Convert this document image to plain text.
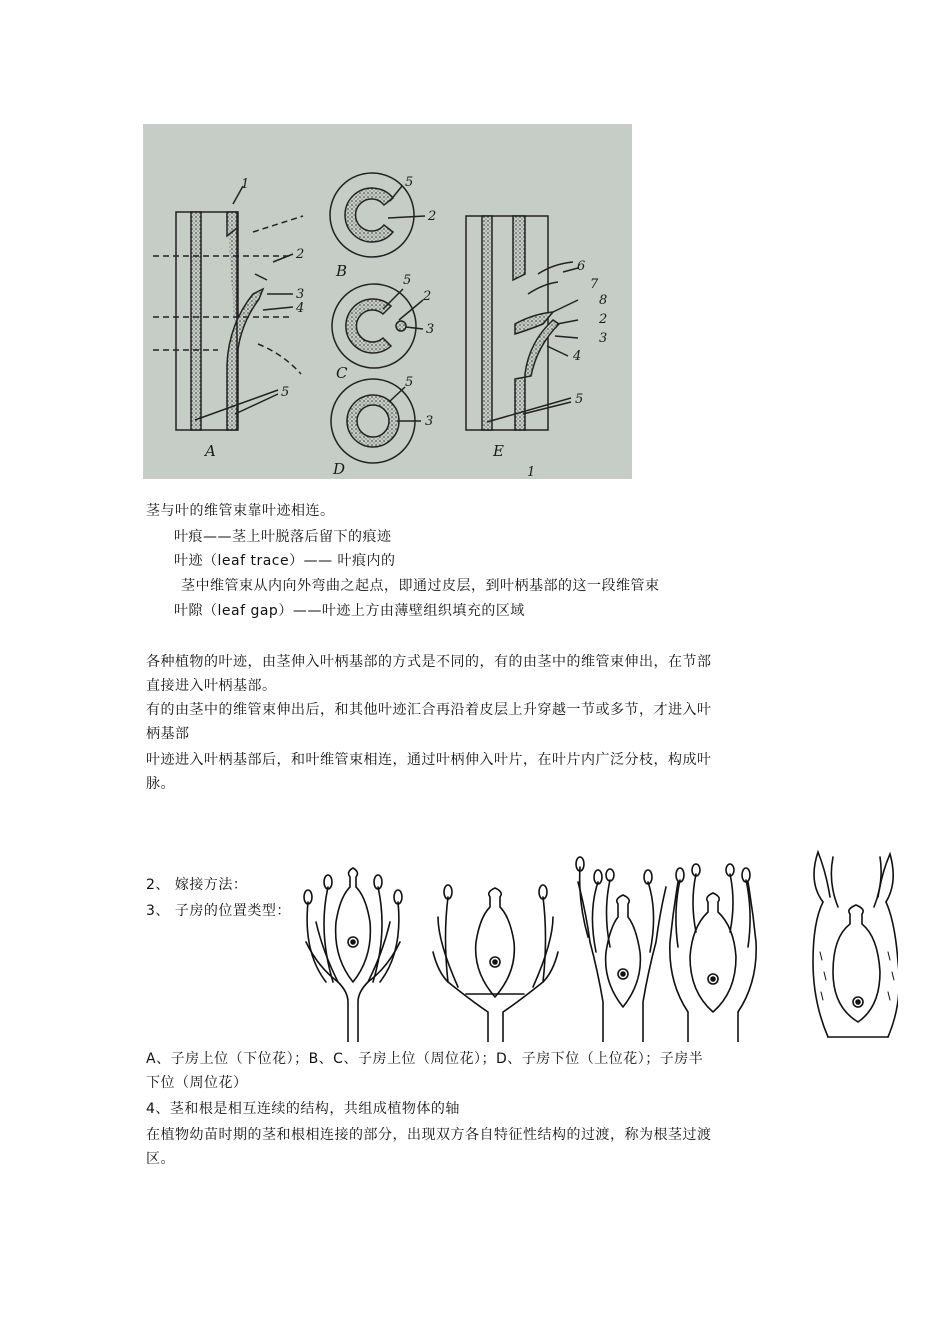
A
1
2
3
4
5
B
5
2
C
5
2
3
D
5
3
E
6
7
8
2
3
4
5
1
茎与叶的维管束靠叶迹相连。
叶痕——茎上叶脱落后留下的痕迹
叶迹（leaf trace）—— 叶痕内的
茎中维管束从内向外弯曲之起点，即通过皮层，到叶柄基部的这一段维管束
叶隙（leaf gap）——叶迹上方由薄壁组织填充的区域
各种植物的叶迹，由茎伸入叶柄基部的方式是不同的，有的由茎中的维管束伸出，在节部
直接进入叶柄基部。
有的由茎中的维管束伸出后，和其他叶迹汇合再沿着皮层上升穿越一节或多节，才进入叶
柄基部
叶迹进入叶柄基部后，和叶维管束相连，通过叶柄伸入叶片，在叶片内广泛分枝，构成叶
脉。
2、 嫁接方法：
3、 子房的位置类型：
A、子房上位（下位花）；B、C、子房上位（周位花）；D、子房下位（上位花）；子房半
下位（周位花）
4、茎和根是相互连续的结构，共组成植物体的轴
在植物幼苗时期的茎和根相连接的部分，出现双方各自特征性结构的过渡，称为根茎过渡
区。
